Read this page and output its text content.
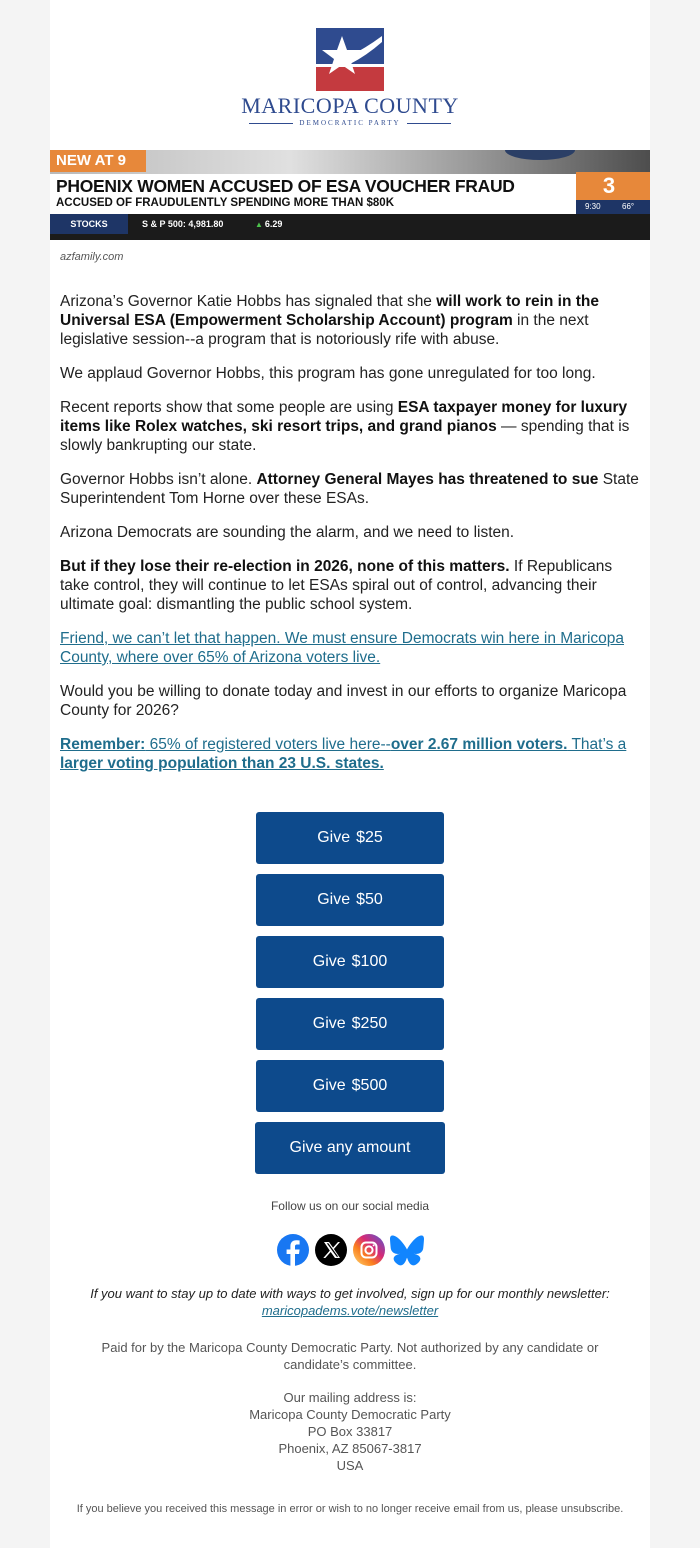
MARICOPA COUNTY
DEMOCRATIC PARTY
NEW AT 9
PHOENIX WOMEN ACCUSED OF ESA VOUCHER FRAUD
ACCUSED OF FRAUDULENTLY SPENDING MORE THAN $80K
3
9:30	66°
STOCKS	S & P 500: 4,981.80	▲ 6.29
azfamily.com

Arizona’s Governor Katie Hobbs has signaled that she will work to rein in the Universal ESA (Empowerment Scholarship Account) program in the next legislative session--a program that is notoriously rife with abuse.

We applaud Governor Hobbs, this program has gone unregulated for too long.

Recent reports show that some people are using ESA taxpayer money for luxury items like Rolex watches, ski resort trips, and grand pianos — spending that is slowly bankrupting our state.

Governor Hobbs isn’t alone. Attorney General Mayes has threatened to sue State Superintendent Tom Horne over these ESAs.

Arizona Democrats are sounding the alarm, and we need to listen.

But if they lose their re-election in 2026, none of this matters. If Republicans take control, they will continue to let ESAs spiral out of control, advancing their ultimate goal: dismantling the public school system.

Friend, we can’t let that happen. We must ensure Democrats win here in Maricopa County, where over 65% of Arizona voters live.

Would you be willing to donate today and invest in our efforts to organize Maricopa County for 2026?

Remember: 65% of registered voters live here--over 2.67 million voters. That’s a larger voting population than 23 U.S. states.

Give $25
Give $50
Give $100
Give $250
Give $500
Give any amount
Follow us on our social media
If you want to stay up to date with ways to get involved, sign up for our monthly newsletter: maricopadems.vote/newsletter
Paid for by the Maricopa County Democratic Party. Not authorized by any candidate or candidate’s committee.
Our mailing address is:
Maricopa County Democratic Party
PO Box 33817
Phoenix, AZ 85067-3817
USA
If you believe you received this message in error or wish to no longer receive email from us, please unsubscribe.
